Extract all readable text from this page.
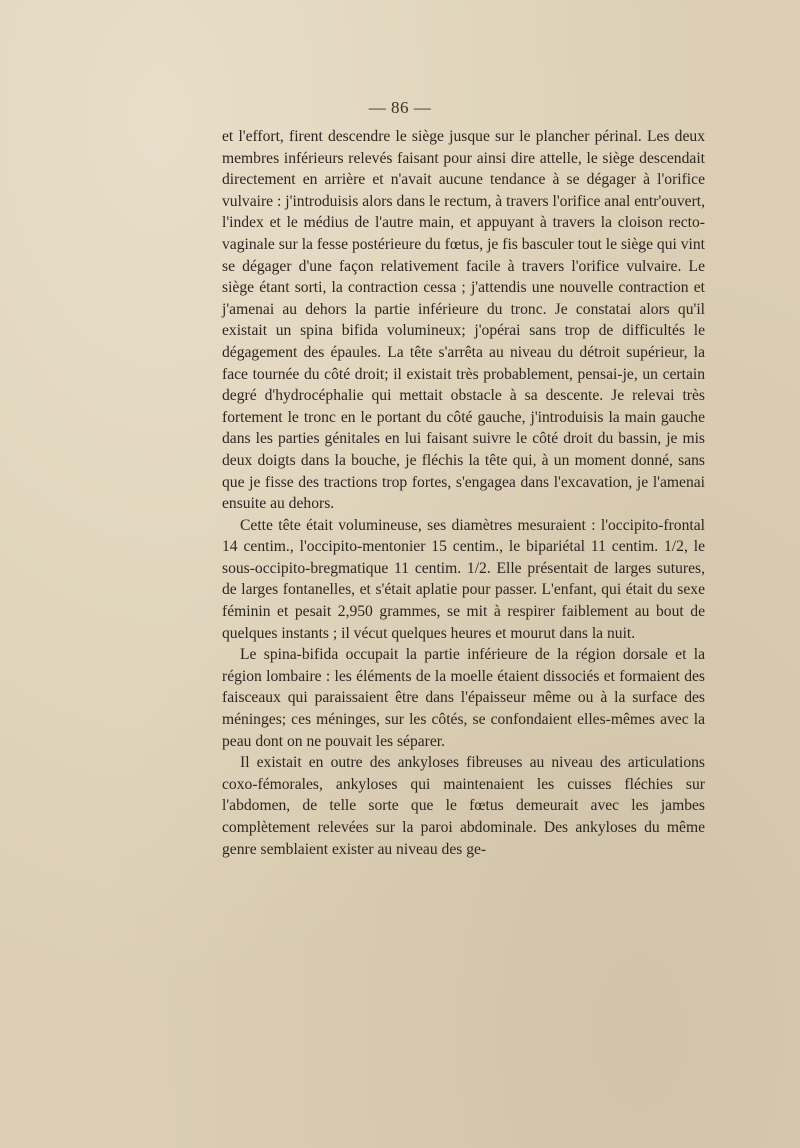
— 86 —

et l'effort, firent descendre le siège jusque sur le plancher périnal. Les deux membres inférieurs relevés faisant pour ainsi dire attelle, le siège descendait directement en arrière et n'avait aucune tendance à se dégager à l'orifice vulvaire : j'introduisis alors dans le rectum, à travers l'orifice anal entr'ouvert, l'index et le médius de l'autre main, et appuyant à travers la cloison recto-vaginale sur la fesse postérieure du fœtus, je fis basculer tout le siège qui vint se dégager d'une façon relativement facile à travers l'orifice vulvaire. Le siège étant sorti, la contraction cessa ; j'attendis une nouvelle contraction et j'amenai au dehors la partie inférieure du tronc. Je constatai alors qu'il existait un spina bifida volumineux; j'opérai sans trop de difficultés le dégagement des épaules. La tête s'arrêta au niveau du détroit supérieur, la face tournée du côté droit; il existait très probablement, pensai-je, un certain degré d'hydrocéphalie qui mettait obstacle à sa descente. Je relevai très fortement le tronc en le portant du côté gauche, j'introduisis la main gauche dans les parties génitales en lui faisant suivre le côté droit du bassin, je mis deux doigts dans la bouche, je fléchis la tête qui, à un moment donné, sans que je fisse des tractions trop fortes, s'engagea dans l'excavation, je l'amenai ensuite au dehors.

Cette tête était volumineuse, ses diamètres mesuraient : l'occipito-frontal 14 centim., l'occipito-mentonier 15 centim., le bipariétal 11 centim. 1/2, le sous-occipito-bregmatique 11 centim. 1/2. Elle présentait de larges sutures, de larges fontanelles, et s'était aplatie pour passer. L'enfant, qui était du sexe féminin et pesait 2,950 grammes, se mit à respirer faiblement au bout de quelques instants ; il vécut quelques heures et mourut dans la nuit.

Le spina-bifida occupait la partie inférieure de la région dorsale et la région lombaire : les éléments de la moelle étaient dissociés et formaient des faisceaux qui paraissaient être dans l'épaisseur même ou à la surface des méninges; ces méninges, sur les côtés, se confondaient elles-mêmes avec la peau dont on ne pouvait les séparer.

Il existait en outre des ankyloses fibreuses au niveau des articulations coxo-fémorales, ankyloses qui maintenaient les cuisses fléchies sur l'abdomen, de telle sorte que le fœtus demeurait avec les jambes complètement relevées sur la paroi abdominale. Des ankyloses du même genre semblaient exister au niveau des ge-
